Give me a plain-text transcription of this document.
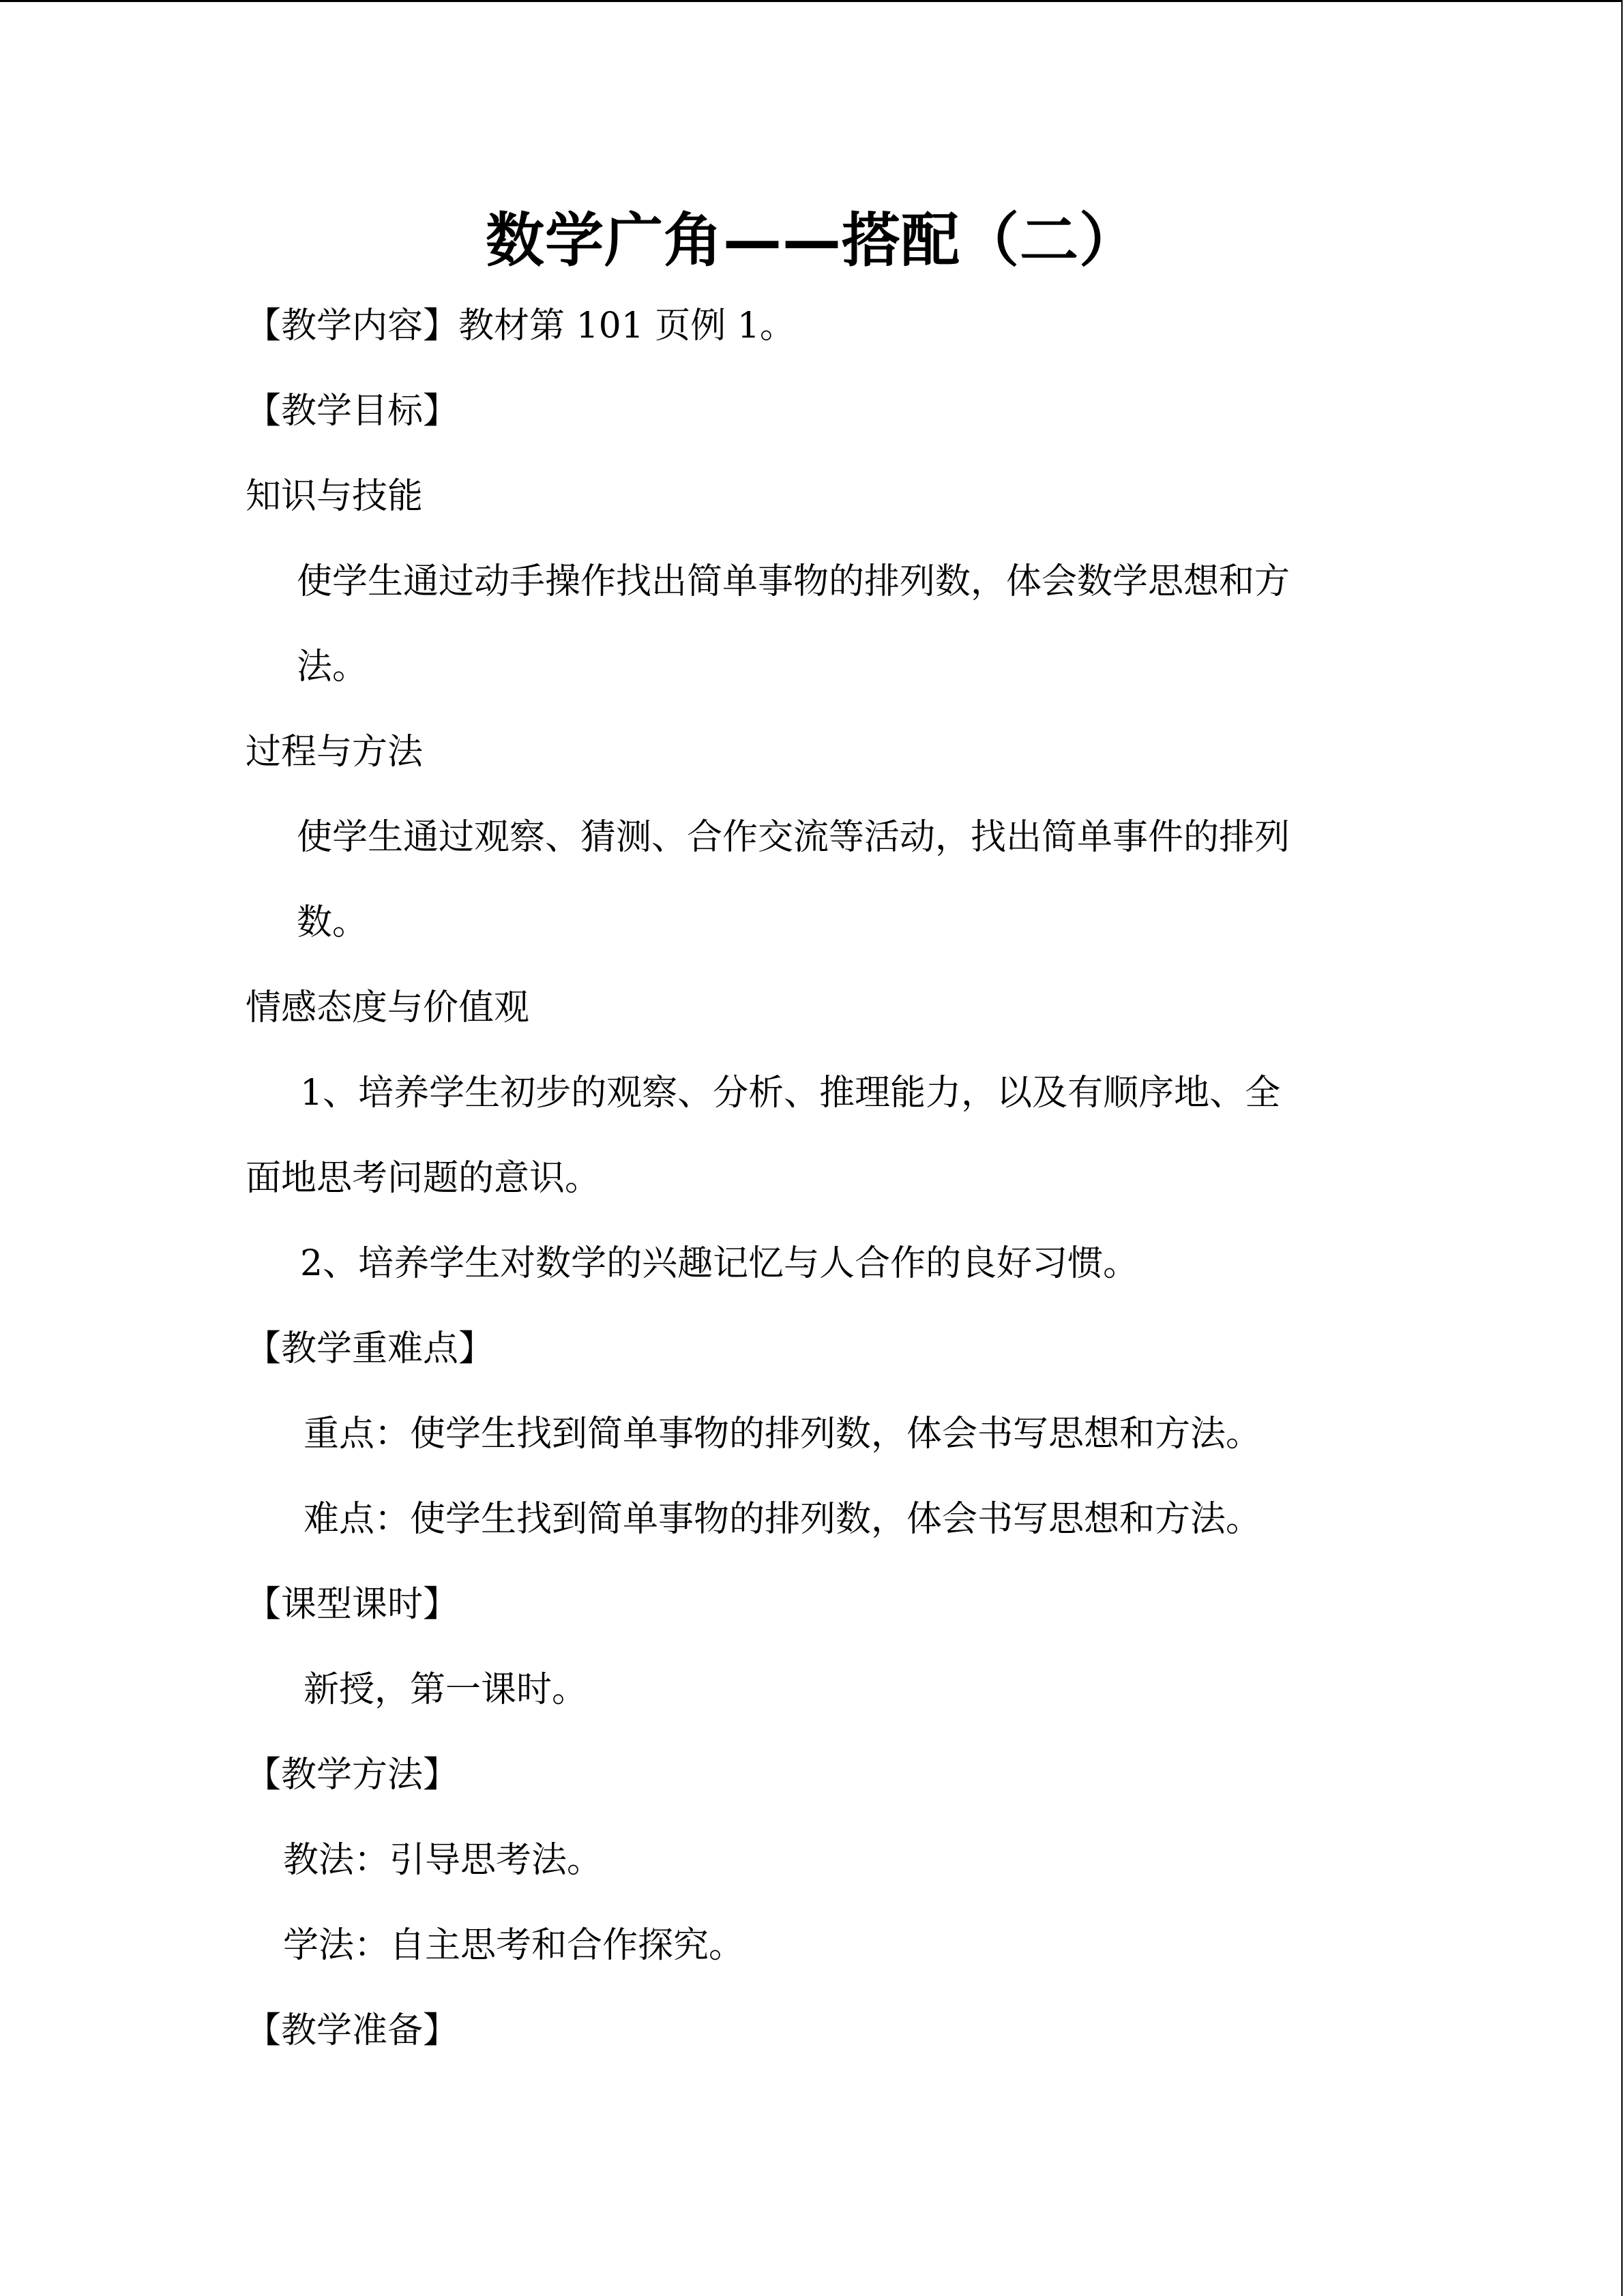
数学广角——搭配（二）

【教学内容】教材第 101 页例 1。

【教学目标】

知识与技能

使学生通过动手操作找出简单事物的排列数，体会数学思想和方

法。

过程与方法

使学生通过观察、猜测、合作交流等活动，找出简单事件的排列

数。

情感态度与价值观

1、培养学生初步的观察、分析、推理能力，以及有顺序地、全

面地思考问题的意识。

2、培养学生对数学的兴趣记忆与人合作的良好习惯。

【教学重难点】

重点：使学生找到简单事物的排列数，体会书写思想和方法。

难点：使学生找到简单事物的排列数，体会书写思想和方法。

【课型课时】

新授，第一课时。

【教学方法】

教法：引导思考法。

学法：自主思考和合作探究。

【教学准备】
